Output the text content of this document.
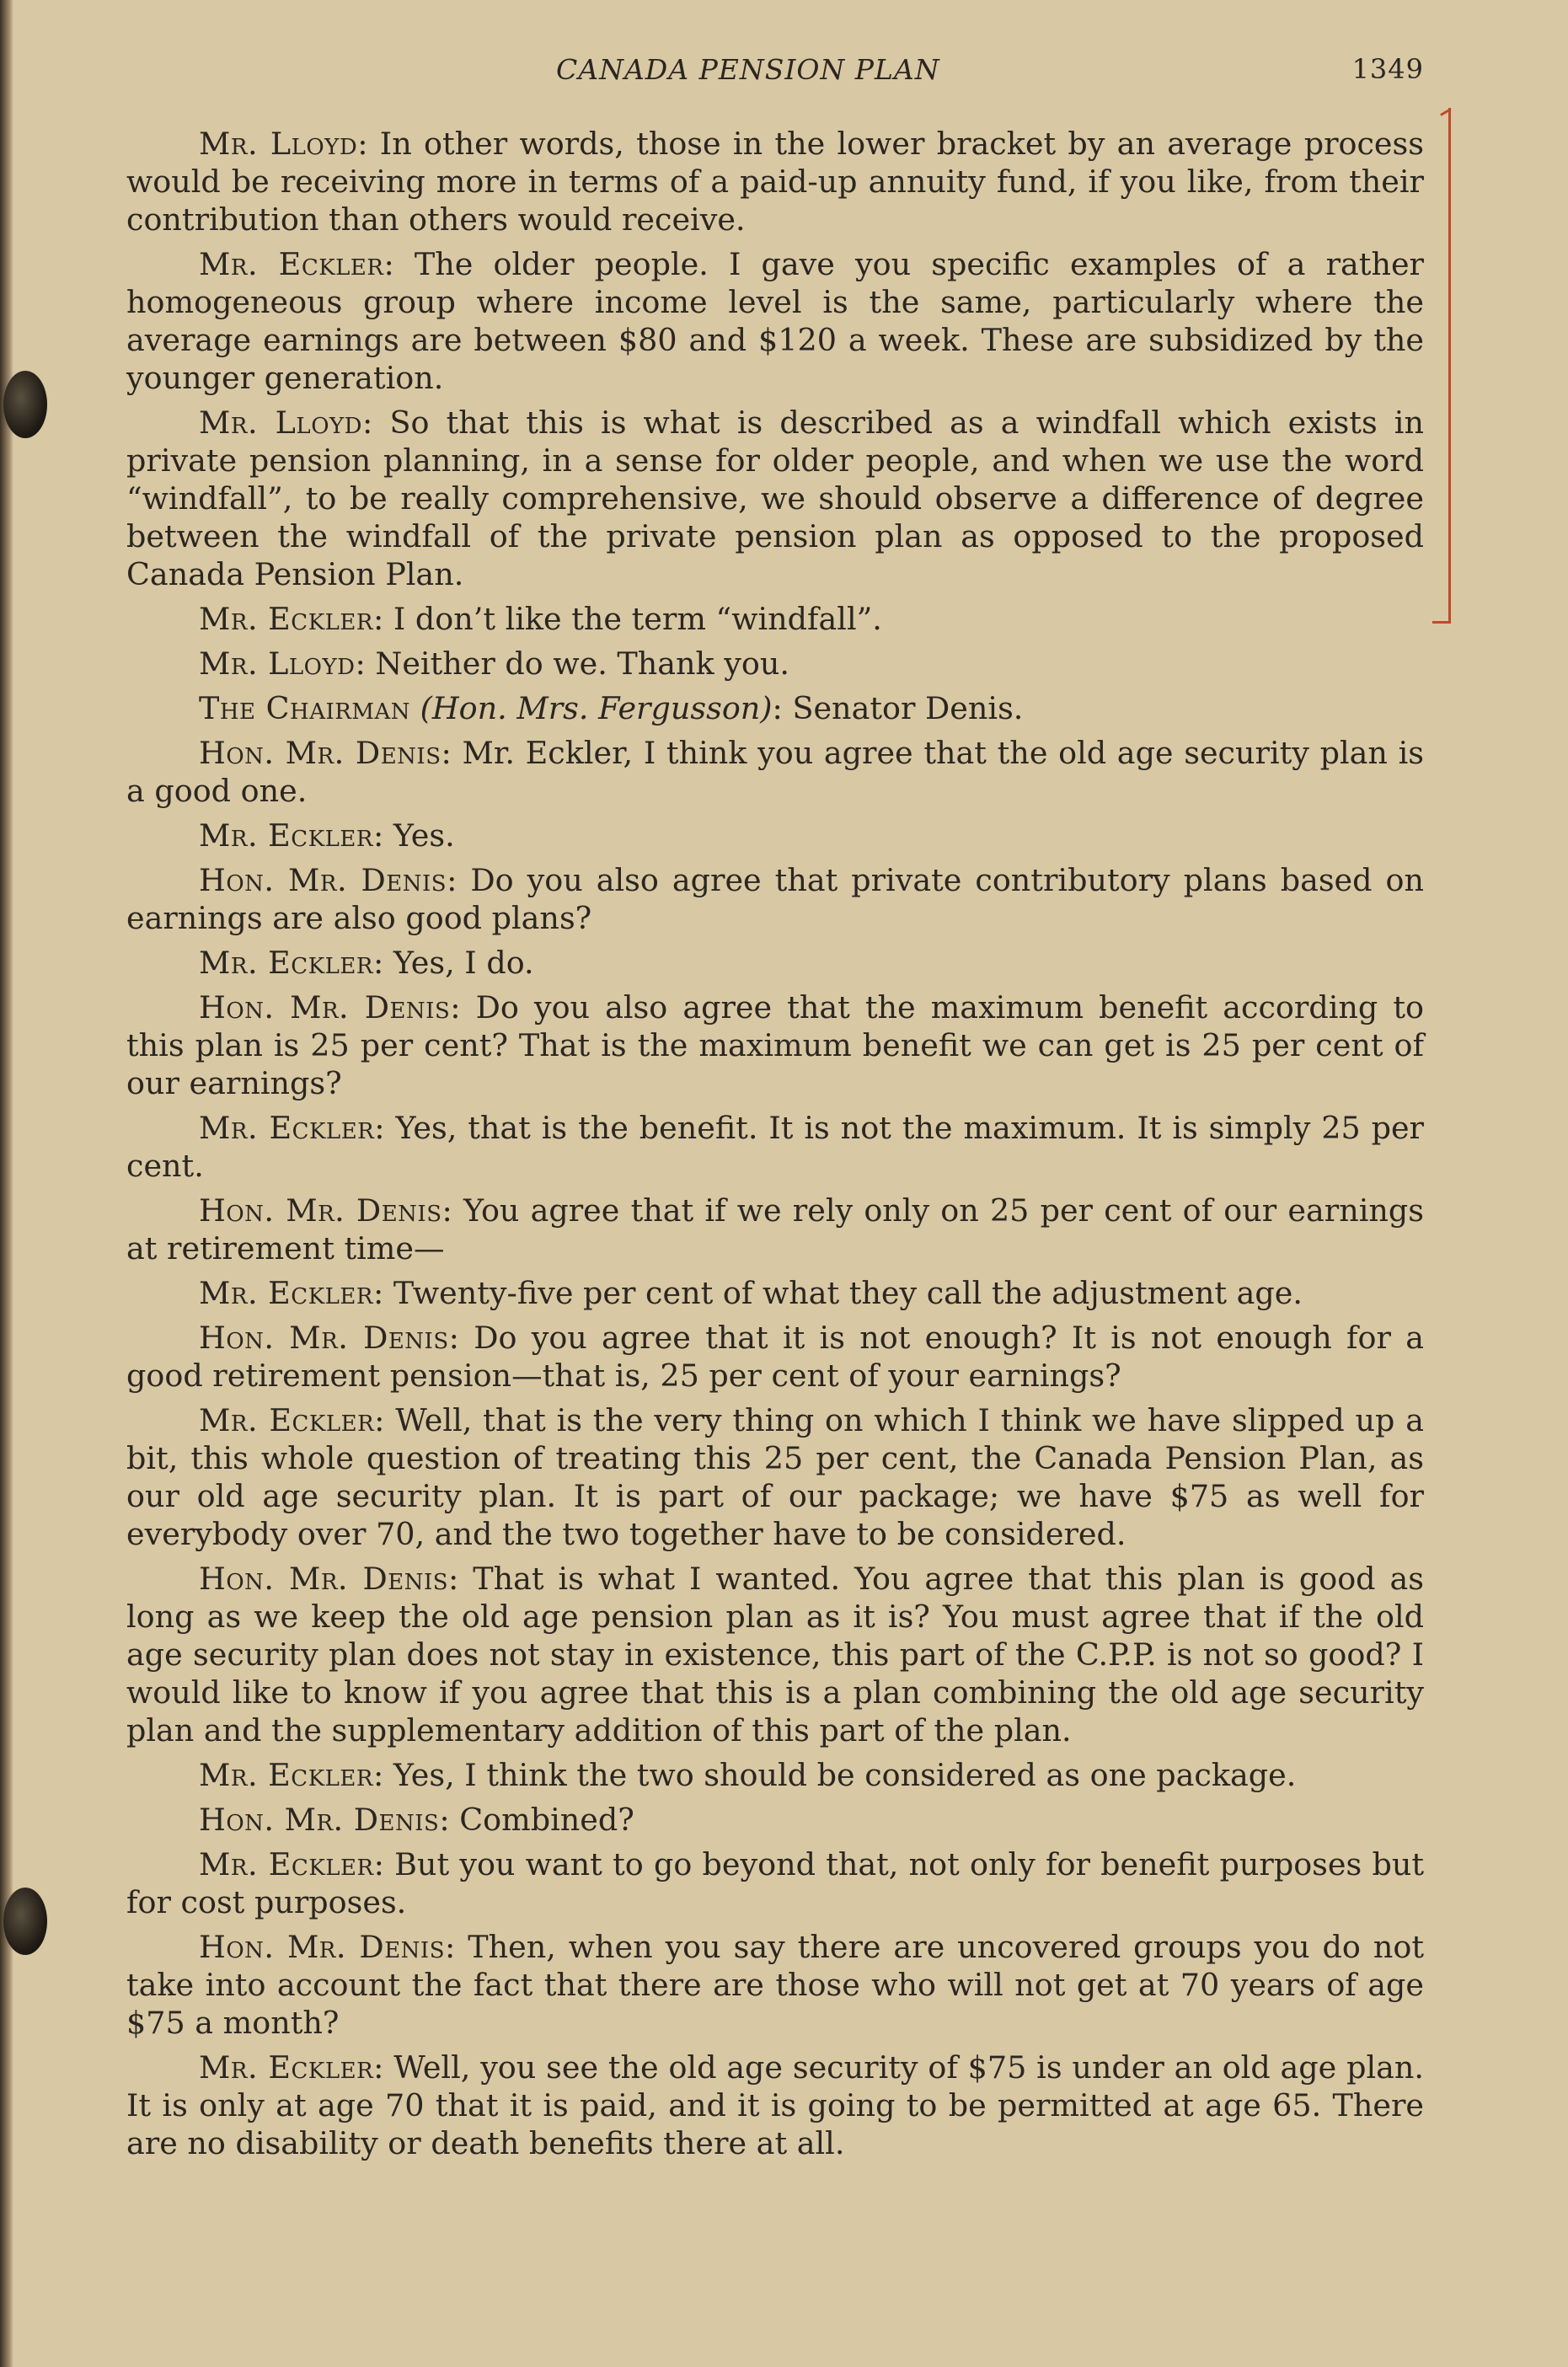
CANADA PENSION PLAN	1349

Mr. Lloyd: In other words, those in the lower bracket by an average process would be receiving more in terms of a paid-up annuity fund, if you like, from their contribution than others would receive.

Mr. Eckler: The older people. I gave you specific examples of a rather homogeneous group where income level is the same, particularly where the average earnings are between $80 and $120 a week. These are subsidized by the younger generation.

Mr. Lloyd: So that this is what is described as a windfall which exists in private pension planning, in a sense for older people, and when we use the word “windfall”, to be really comprehensive, we should observe a difference of degree between the windfall of the private pension plan as opposed to the proposed Canada Pension Plan.

Mr. Eckler: I don’t like the term “windfall”.

Mr. Lloyd: Neither do we. Thank you.

The Chairman (Hon. Mrs. Fergusson): Senator Denis.

Hon. Mr. Denis: Mr. Eckler, I think you agree that the old age security plan is a good one.

Mr. Eckler: Yes.

Hon. Mr. Denis: Do you also agree that private contributory plans based on earnings are also good plans?

Mr. Eckler: Yes, I do.

Hon. Mr. Denis: Do you also agree that the maximum benefit according to this plan is 25 per cent? That is the maximum benefit we can get is 25 per cent of our earnings?

Mr. Eckler: Yes, that is the benefit. It is not the maximum. It is simply 25 per cent.

Hon. Mr. Denis: You agree that if we rely only on 25 per cent of our earnings at retirement time—

Mr. Eckler: Twenty-five per cent of what they call the adjustment age.

Hon. Mr. Denis: Do you agree that it is not enough? It is not enough for a good retirement pension—that is, 25 per cent of your earnings?

Mr. Eckler: Well, that is the very thing on which I think we have slipped up a bit, this whole question of treating this 25 per cent, the Canada Pension Plan, as our old age security plan. It is part of our package; we have $75 as well for everybody over 70, and the two together have to be considered.

Hon. Mr. Denis: That is what I wanted. You agree that this plan is good as long as we keep the old age pension plan as it is? You must agree that if the old age security plan does not stay in existence, this part of the C.P.P. is not so good? I would like to know if you agree that this is a plan combining the old age security plan and the supplementary addition of this part of the plan.

Mr. Eckler: Yes, I think the two should be considered as one package.

Hon. Mr. Denis: Combined?

Mr. Eckler: But you want to go beyond that, not only for benefit purposes but for cost purposes.

Hon. Mr. Denis: Then, when you say there are uncovered groups you do not take into account the fact that there are those who will not get at 70 years of age $75 a month?

Mr. Eckler: Well, you see the old age security of $75 is under an old age plan. It is only at age 70 that it is paid, and it is going to be permitted at age 65. There are no disability or death benefits there at all.
